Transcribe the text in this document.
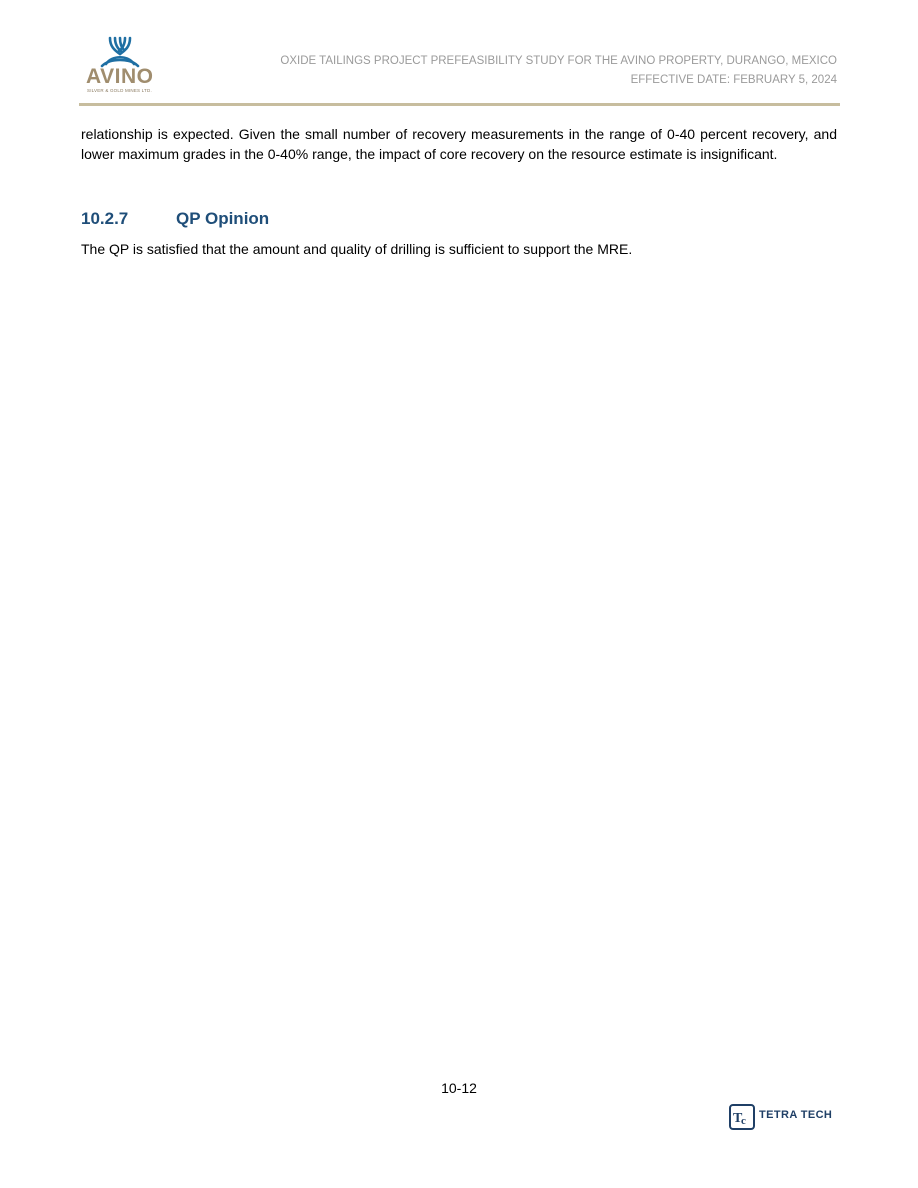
AVINO
SILVER & GOLD MINES LTD.
OXIDE TAILINGS PROJECT PREFEASIBILITY STUDY FOR THE AVINO PROPERTY, DURANGO, MEXICO
EFFECTIVE DATE: FEBRUARY 5, 2024
relationship is expected. Given the small number of recovery measurements in the range of 0-40 percent recovery, and lower maximum grades in the 0-40% range, the impact of core recovery on the resource estimate is insignificant.
10.2.7	QP Opinion
The QP is satisfied that the amount and quality of drilling is sufficient to support the MRE.
10-12
T
c TETRA TECH
